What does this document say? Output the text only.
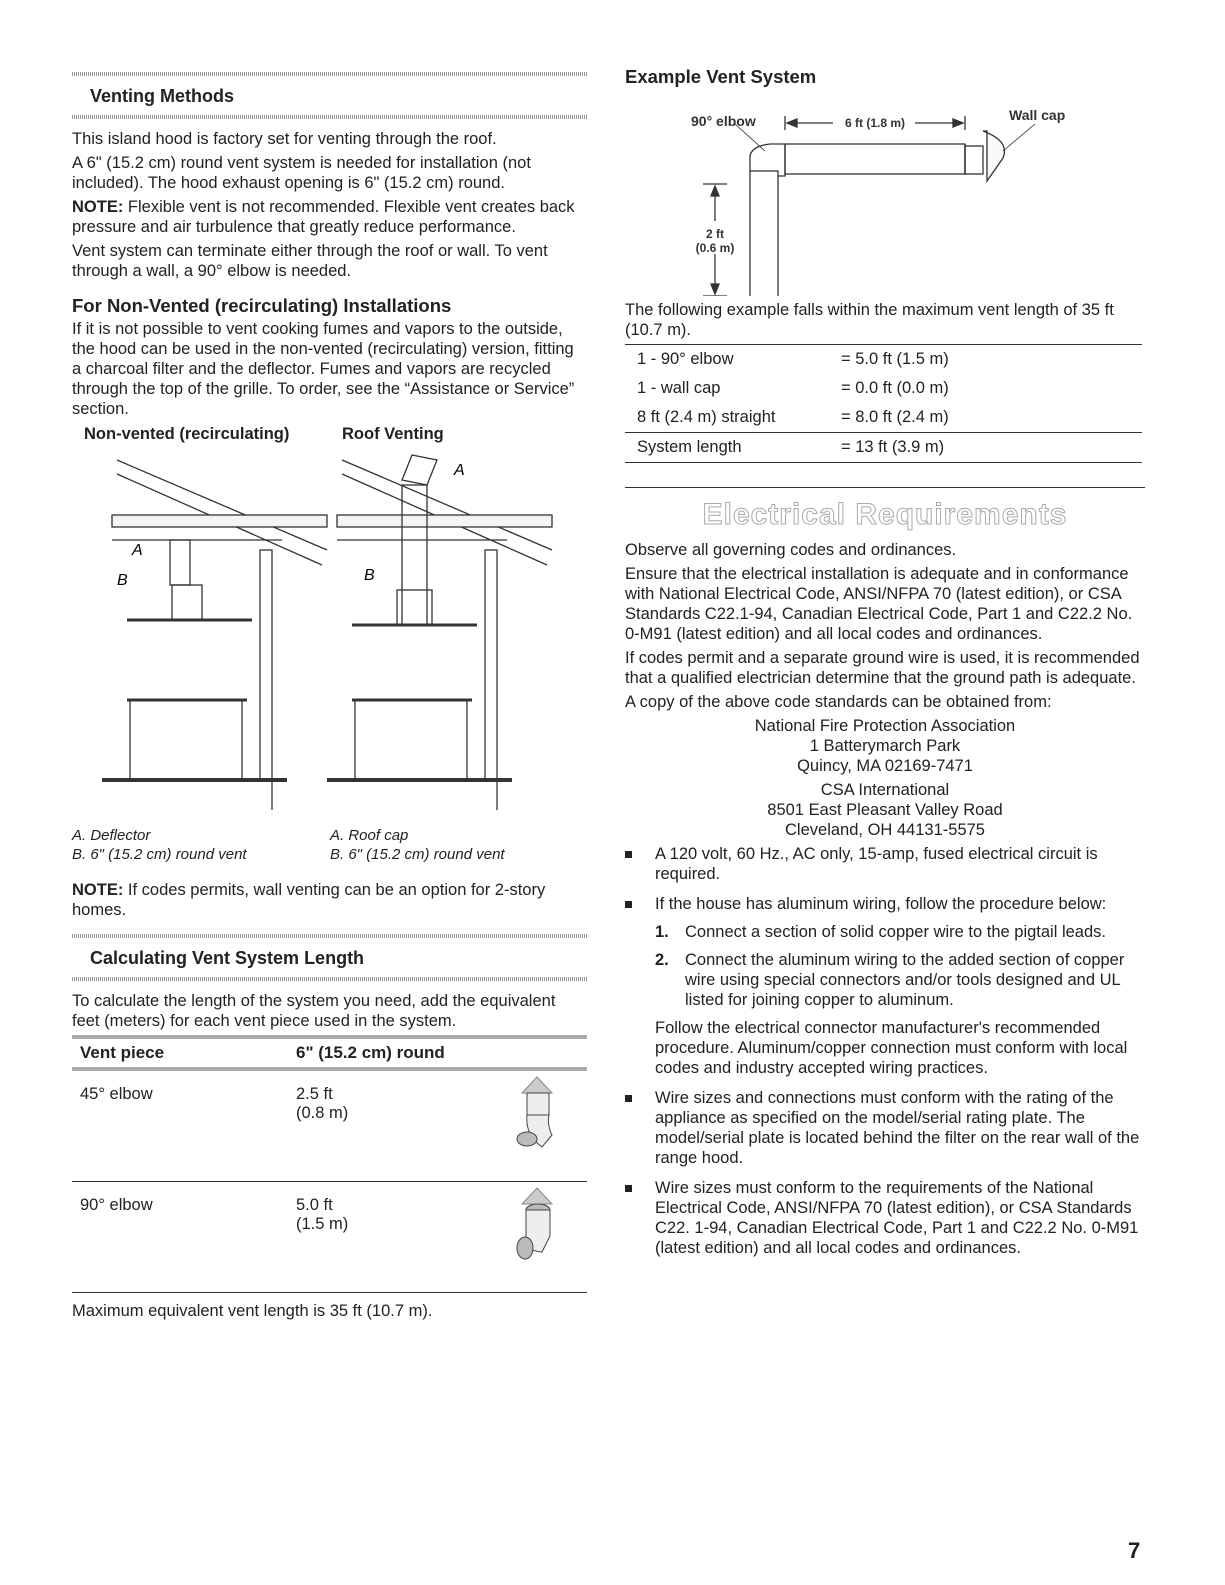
Venting Methods

This island hood is factory set for venting through the roof.

A 6" (15.2 cm) round vent system is needed for installation (not included). The hood exhaust opening is 6" (15.2 cm) round.

NOTE: Flexible vent is not recommended. Flexible vent creates back pressure and air turbulence that greatly reduce performance.

Vent system can terminate either through the roof or wall. To vent through a wall, a 90° elbow is needed.

For Non-Vented (recirculating) Installations

If it is not possible to vent cooking fumes and vapors to the outside, the hood can be used in the non-vented (recirculating) version, fitting a charcoal filter and the deflector. Fumes and vapors are recycled through the top of the grille. To order, see the “Assistance or Service” section.

Non-vented (recirculating)	Roof Venting
A
B
A
B
A. Deflector
B. 6" (15.2 cm) round vent
A. Roof cap
B. 6" (15.2 cm) round vent

NOTE: If codes permits, wall venting can be an option for 2-story homes.

Calculating Vent System Length

To calculate the length of the system you need, add the equivalent feet (meters) for each vent piece used in the system.

Vent piece	6" (15.2 cm) round
45° elbow	2.5 ft
(0.8 m)

90° elbow	5.0 ft
(1.5 m)

Maximum equivalent vent length is 35 ft (10.7 m).

Example Vent System
90° elbow	6 ft (1.8 m)	Wall cap
2 ft
(0.6 m)

The following example falls within the maximum vent length of 35 ft (10.7 m).

1 - 90° elbow	= 5.0 ft (1.5 m)
1 - wall cap	= 0.0 ft (0.0 m)
8 ft (2.4 m) straight	= 8.0 ft (2.4 m)
System length	= 13 ft (3.9 m)
Electrical Requirements

Observe all governing codes and ordinances.

Ensure that the electrical installation is adequate and in conformance with National Electrical Code, ANSI/NFPA 70 (latest edition), or CSA Standards C22.1-94, Canadian Electrical Code, Part 1 and C22.2 No. 0-M91 (latest edition) and all local codes and ordinances.

If codes permit and a separate ground wire is used, it is recommended that a qualified electrician determine that the ground path is adequate.

A copy of the above code standards can be obtained from:

National Fire Protection Association
1 Batterymarch Park
Quincy, MA 02169-7471
CSA International
8501 East Pleasant Valley Road
Cleveland, OH 44131-5575
A 120 volt, 60 Hz., AC only, 15-amp, fused electrical circuit is required.
If the house has aluminum wiring, follow the procedure below:
1. Connect a section of solid copper wire to the pigtail leads.
2. Connect the aluminum wiring to the added section of copper wire using special connectors and/or tools designed and UL listed for joining copper to aluminum.
Follow the electrical connector manufacturer's recommended procedure. Aluminum/copper connection must conform with local codes and industry accepted wiring practices.
Wire sizes and connections must conform with the rating of the appliance as specified on the model/serial rating plate. The model/serial plate is located behind the filter on the rear wall of the range hood.
Wire sizes must conform to the requirements of the National Electrical Code, ANSI/NFPA 70 (latest edition), or CSA Standards C22. 1-94, Canadian Electrical Code, Part 1 and C22.2 No. 0-M91 (latest edition) and all local codes and ordinances.
7
